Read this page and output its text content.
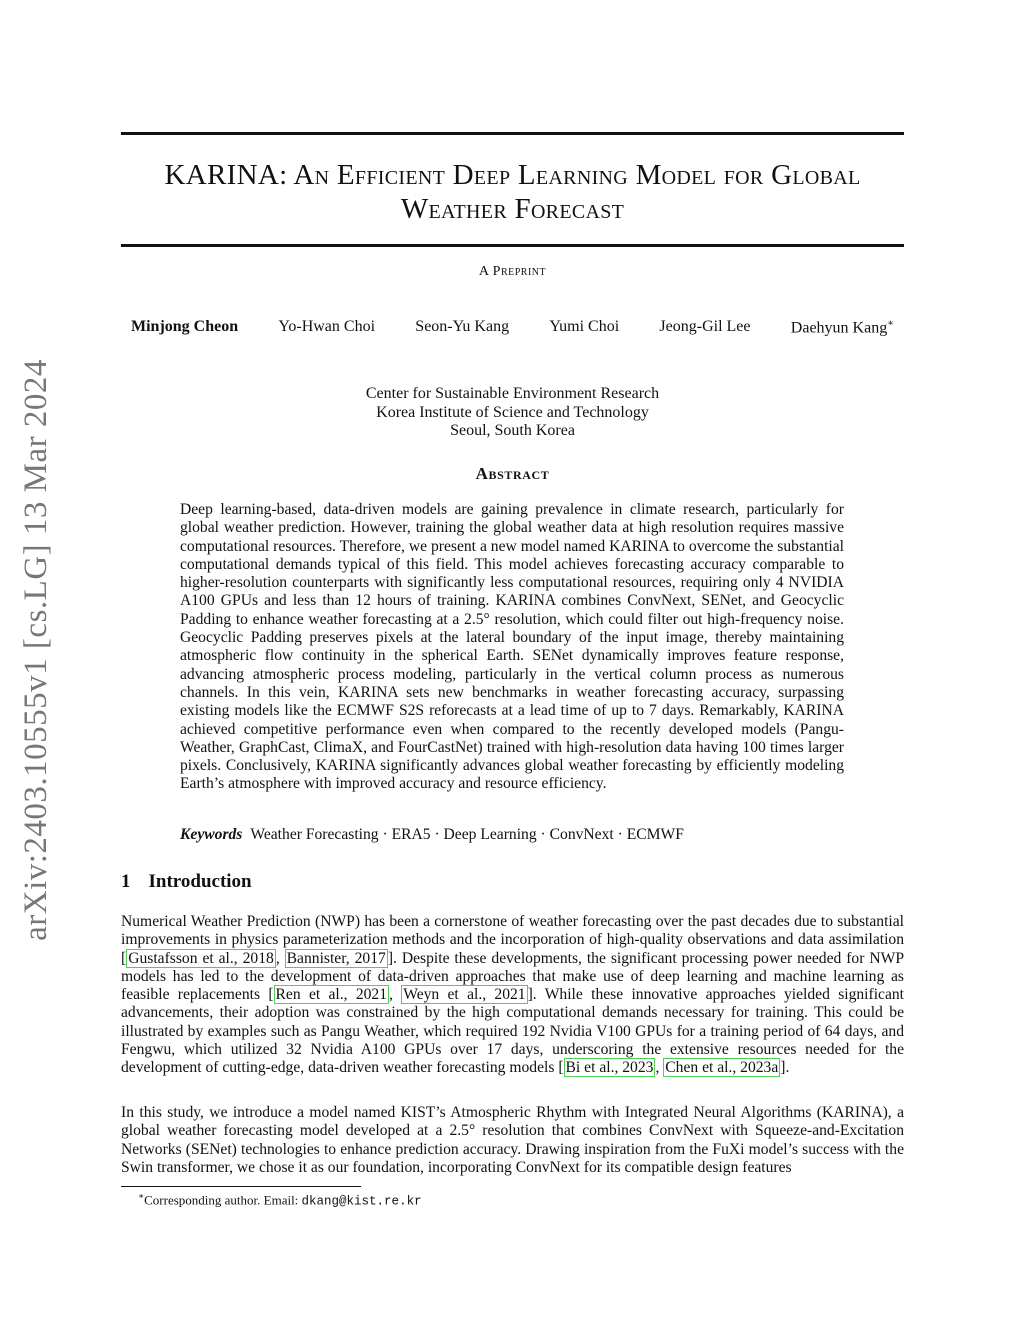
arXiv:2403.10555v1 [cs.LG] 13 Mar 2024
KARINA: An Efficient Deep Learning Model for Global
Weather Forecast
A Preprint
Minjong Cheon	Yo-Hwan Choi	Seon-Yu Kang	Yumi Choi	Jeong-Gil Lee	Daehyun Kang∗
Center for Sustainable Environment Research
Korea Institute of Science and Technology
Seoul, South Korea
Abstract

Deep learning-based, data-driven models are gaining prevalence in climate research, particularly for global weather prediction. However, training the global weather data at high resolution requires massive computational resources. Therefore, we present a new model named KARINA to overcome the substantial computational demands typical of this field. This model achieves forecasting accuracy comparable to higher-resolution counterparts with significantly less computational resources, requiring only 4 NVIDIA A100 GPUs and less than 12 hours of training. KARINA combines ConvNext, SENet, and Geocyclic Padding to enhance weather forecasting at a 2.5° resolution, which could filter out high-frequency noise. Geocyclic Padding preserves pixels at the lateral boundary of the input image, thereby maintaining atmospheric flow continuity in the spherical Earth. SENet dynamically improves feature response, advancing atmospheric process modeling, particularly in the vertical column process as numerous channels. In this vein, KARINA sets new benchmarks in weather forecasting accuracy, surpassing existing models like the ECMWF S2S reforecasts at a lead time of up to 7 days. Remarkably, KARINA achieved competitive performance even when compared to the recently developed models (Pangu-Weather, GraphCast, ClimaX, and FourCastNet) trained with high-resolution data having 100 times larger pixels. Conclusively, KARINA significantly advances global weather forecasting by efficiently modeling Earth’s atmosphere with improved accuracy and resource efficiency.

Keywords Weather Forecasting · ERA5 · Deep Learning · ConvNext · ECMWF
1 Introduction

Numerical Weather Prediction (NWP) has been a cornerstone of weather forecasting over the past decades due to substantial improvements in physics parameterization methods and the incorporation of high-quality observations and data assimilation [ Gustafsson et al., 2018 , Bannister, 2017 ]. Despite these developments, the significant processing power needed for NWP models has led to the development of data-driven approaches that make use of deep learning and machine learning as feasible replacements [ Ren et al., 2021 , Weyn et al., 2021 ]. While these innovative approaches yielded significant advancements, their adoption was constrained by the high computational demands necessary for training. This could be illustrated by examples such as Pangu Weather, which required 192 Nvidia V100 GPUs for a training period of 64 days, and Fengwu, which utilized 32 Nvidia A100 GPUs over 17 days, underscoring the extensive resources needed for the development of cutting-edge, data-driven weather forecasting models [ Bi et al., 2023 , Chen et al., 2023a ].

In this study, we introduce a model named KIST’s Atmospheric Rhythm with Integrated Neural Algorithms (KARINA), a global weather forecasting model developed at a 2.5° resolution that combines ConvNext with Squeeze-and-Excitation Networks (SENet) technologies to enhance prediction accuracy. Drawing inspiration from the FuXi model’s success with the Swin transformer, we chose it as our foundation, incorporating ConvNext for its compatible design features

∗Corresponding author. Email: dkang@kist.re.kr
